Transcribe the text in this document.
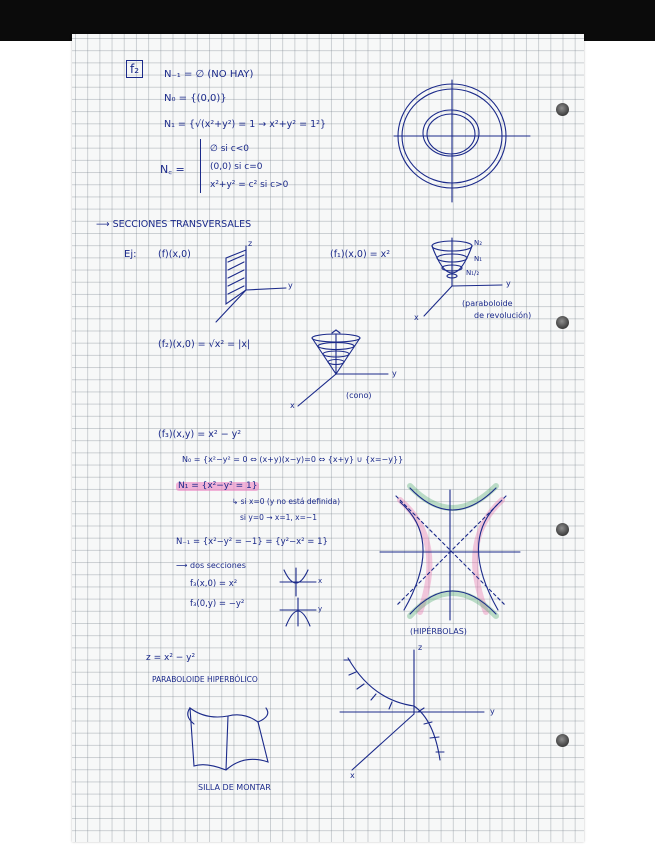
f₂	N₋₁ = ∅ (NO HAY)

N₀ = {(0,0)}

N₁ = {√(x²+y²) = 1 → x²+y² = 1²}

N꜀ =

∅ si c<0

(0,0) si c=0

x²+y² = c² si c>0

⟶ SECCIONES TRANSVERSALES

Ej: (f)(x,0)	(f₁)(x,0) = x²

N₂

N₁

N₁/₂

(paraboloide

de revolución)

(f₂)(x,0) = √x² = |x|

(cono)

(f₃)(x,y) = x² − y²

N₀ = {x²−y² = 0 ⇔ (x+y)(x−y)=0 ⇔ {x+y} ∪ {x=−y}}

N₁ = {x²−y² = 1}

↳ si x=0 (y no está definida)

si y=0 → x=1, x=−1

N₋₁ = {x²−y² = −1} = {y²−x² = 1}

⟶ dos secciones

f₃(x,0) = x²

f₃(0,y) = −y²

(HIPÉRBOLAS)

z = x² − y²

PARABOLOIDE HIPERBÓLICO

SILLA DE MONTAR

z

y	y

x

y

x

x

y

z

y

x
